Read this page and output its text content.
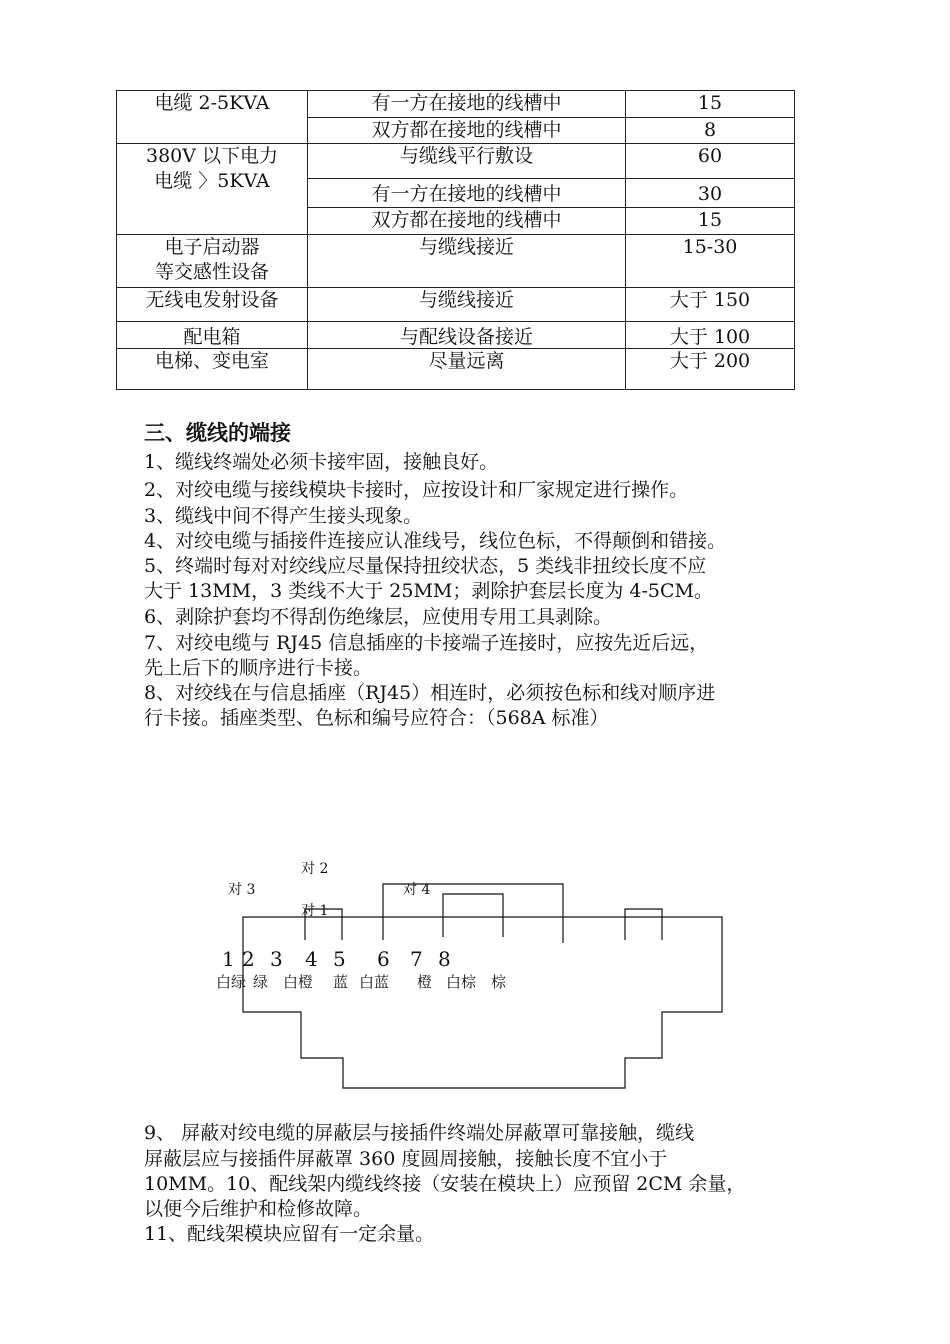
电缆 2-5KVA	有一方在接地的线槽中	15
	双方都在接地的线槽中	8
380V 以下电力
电缆 〉5KVA	与缆线平行敷设	60
	有一方在接地的线槽中	30
	双方都在接地的线槽中	15
电子启动器
等交感性设备	与缆线接近	15-30
无线电发射设备	与缆线接近	大于 150
配电箱	与配线设备接近	大于 100
电梯、变电室	尽量远离	大于 200
三、缆线的端接

1、缆线终端处必须卡接牢固，接触良好。

2、对绞电缆与接线模块卡接时，应按设计和厂家规定进行操作。

3、缆线中间不得产生接头现象。

4、对绞电缆与插接件连接应认准线号，线位色标，不得颠倒和错接。

5、终端时每对对绞线应尽量保持扭绞状态，5 类线非扭绞长度不应

大于 13MM，3 类线不大于 25MM；剥除护套层长度为 4-5CM。

6、剥除护套均不得刮伤绝缘层，应使用专用工具剥除。

7、对绞电缆与 RJ45 信息插座的卡接端子连接时，应按先近后远，

先上后下的顺序进行卡接。

8、对绞线在与信息插座（RJ45）相连时，必须按色标和线对顺序进

行卡接。插座类型、色标和编号应符合：（568A 标准）

对 2
对 3	对 4
对 1
1 2 3 4 5 6 7 8
白绿 绿 白橙 蓝 白蓝 橙 白棕 棕

9、 屏蔽对绞电缆的屏蔽层与接插件终端处屏蔽罩可靠接触，缆线

屏蔽层应与接插件屏蔽罩 360 度圆周接触，接触长度不宜小于

10MM。10、配线架内缆线终接（安装在模块上）应预留 2CM 余量，

以便今后维护和检修故障。

11、配线架模块应留有一定余量。
